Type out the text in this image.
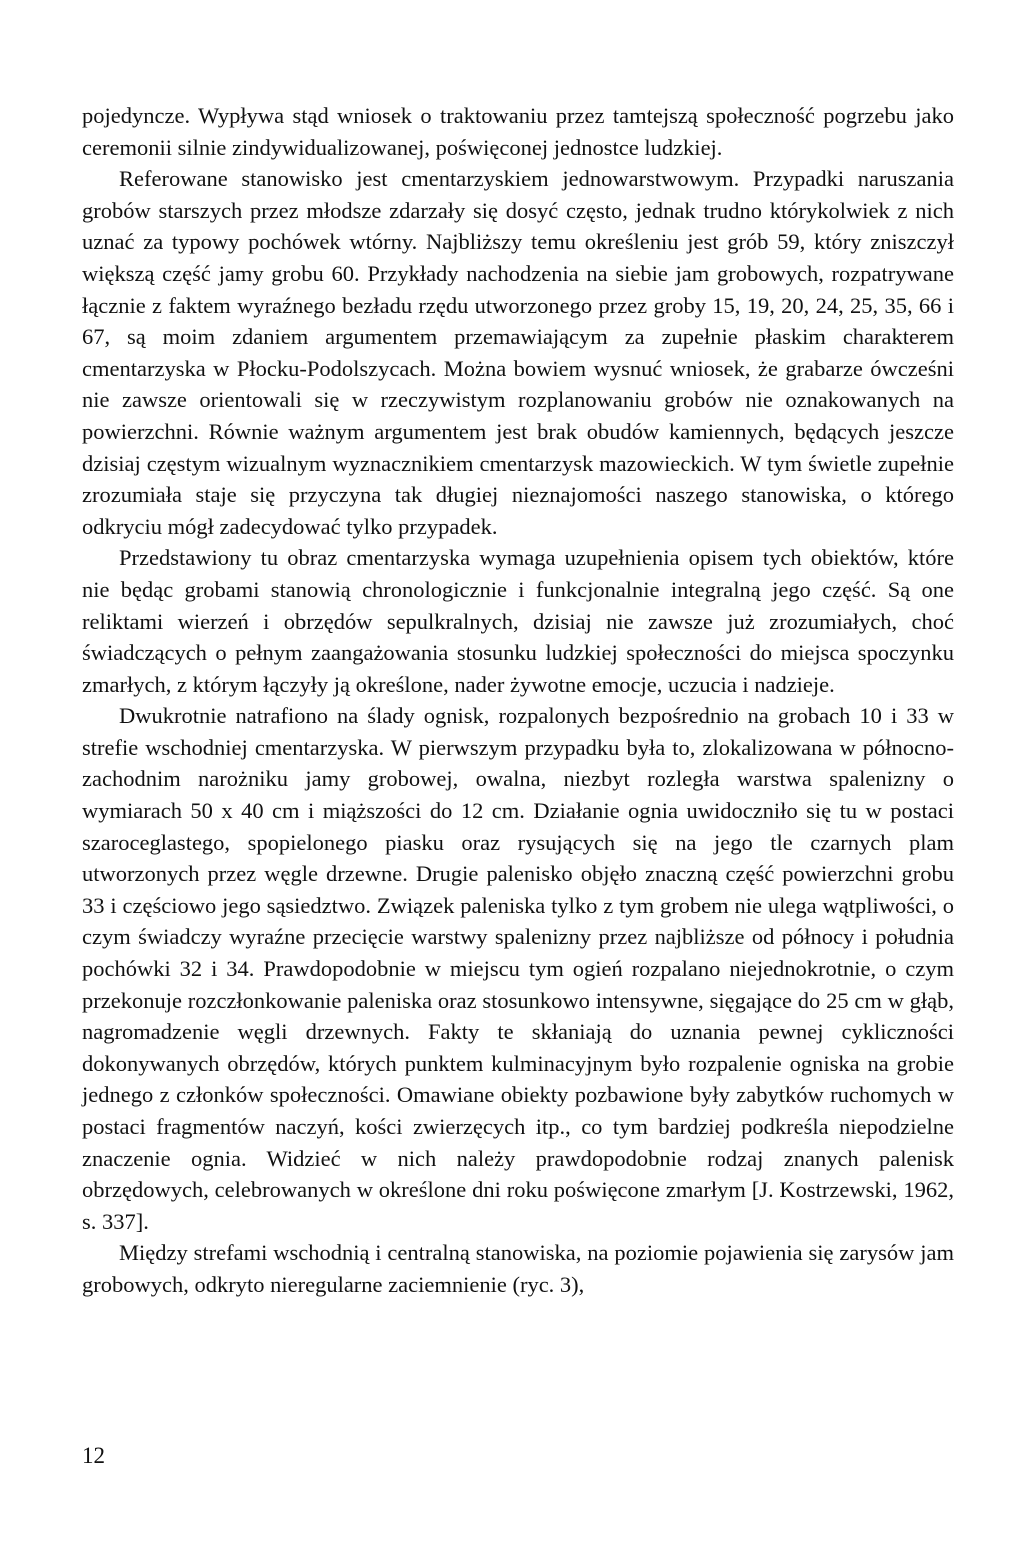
pojedyncze. Wypływa stąd wniosek o traktowaniu przez tamtejszą społeczność pogrzebu jako ceremonii silnie zindywidualizowanej, poświęconej jednostce ludzkiej.

Referowane stanowisko jest cmentarzyskiem jednowarstwowym. Przypadki naruszania grobów starszych przez młodsze zdarzały się dosyć często, jednak trudno którykolwiek z nich uznać za typowy pochówek wtórny. Najbliższy temu określeniu jest grób 59, który zniszczył większą część jamy grobu 60. Przykłady nachodzenia na siebie jam grobowych, rozpatrywane łącznie z faktem wyraźnego bezładu rzędu utworzonego przez groby 15, 19, 20, 24, 25, 35, 66 i 67, są moim zdaniem argumentem przemawiającym za zupełnie płaskim charakterem cmentarzyska w Płocku-Podolszycach. Można bowiem wysnuć wniosek, że grabarze ówcześni nie zawsze orientowali się w rzeczywistym rozplanowaniu grobów nie oznakowanych na powierzchni. Równie ważnym argumentem jest brak obudów kamiennych, będących jeszcze dzisiaj częstym wizualnym wyznacznikiem cmentarzysk mazowieckich. W tym świetle zupełnie zrozumiała staje się przyczyna tak długiej nieznajomości naszego stanowiska, o którego odkryciu mógł zadecydować tylko przypadek.

Przedstawiony tu obraz cmentarzyska wymaga uzupełnienia opisem tych obiektów, które nie będąc grobami stanowią chronologicznie i funkcjonalnie integralną jego część. Są one reliktami wierzeń i obrzędów sepulkralnych, dzisiaj nie zawsze już zrozumiałych, choć świadczących o pełnym zaangażowania stosunku ludzkiej społeczności do miejsca spoczynku zmarłych, z którym łączyły ją określone, nader żywotne emocje, uczucia i nadzieje.

Dwukrotnie natrafiono na ślady ognisk, rozpalonych bezpośrednio na grobach 10 i 33 w strefie wschodniej cmentarzyska. W pierwszym przypadku była to, zlokalizowana w północno-zachodnim narożniku jamy grobowej, owalna, niezbyt rozległa warstwa spalenizny o wymiarach 50 x 40 cm i miąższości do 12 cm. Działanie ognia uwidoczniło się tu w postaci szaroceglastego, spopielonego piasku oraz rysujących się na jego tle czarnych plam utworzonych przez węgle drzewne. Drugie palenisko objęło znaczną część powierzchni grobu 33 i częściowo jego sąsiedztwo. Związek paleniska tylko z tym grobem nie ulega wątpliwości, o czym świadczy wyraźne przecięcie warstwy spalenizny przez najbliższe od północy i południa pochówki 32 i 34. Prawdopodobnie w miejscu tym ogień rozpalano niejednokrotnie, o czym przekonuje rozczłonkowanie paleniska oraz stosunkowo intensywne, sięgające do 25 cm w głąb, nagromadzenie węgli drzewnych. Fakty te skłaniają do uznania pewnej cykliczności dokonywanych obrzędów, których punktem kulminacyjnym było rozpalenie ogniska na grobie jednego z członków społeczności. Omawiane obiekty pozbawione były zabytków ruchomych w postaci fragmentów naczyń, kości zwierzęcych itp., co tym bardziej podkreśla niepodzielne znaczenie ognia. Widzieć w nich należy prawdopodobnie rodzaj znanych palenisk obrzędowych, celebrowanych w określone dni roku poświęcone zmarłym [J. Kostrzewski, 1962, s. 337].

Między strefami wschodnią i centralną stanowiska, na poziomie pojawienia się zarysów jam grobowych, odkryto nieregularne zaciemnienie (ryc. 3),

12
